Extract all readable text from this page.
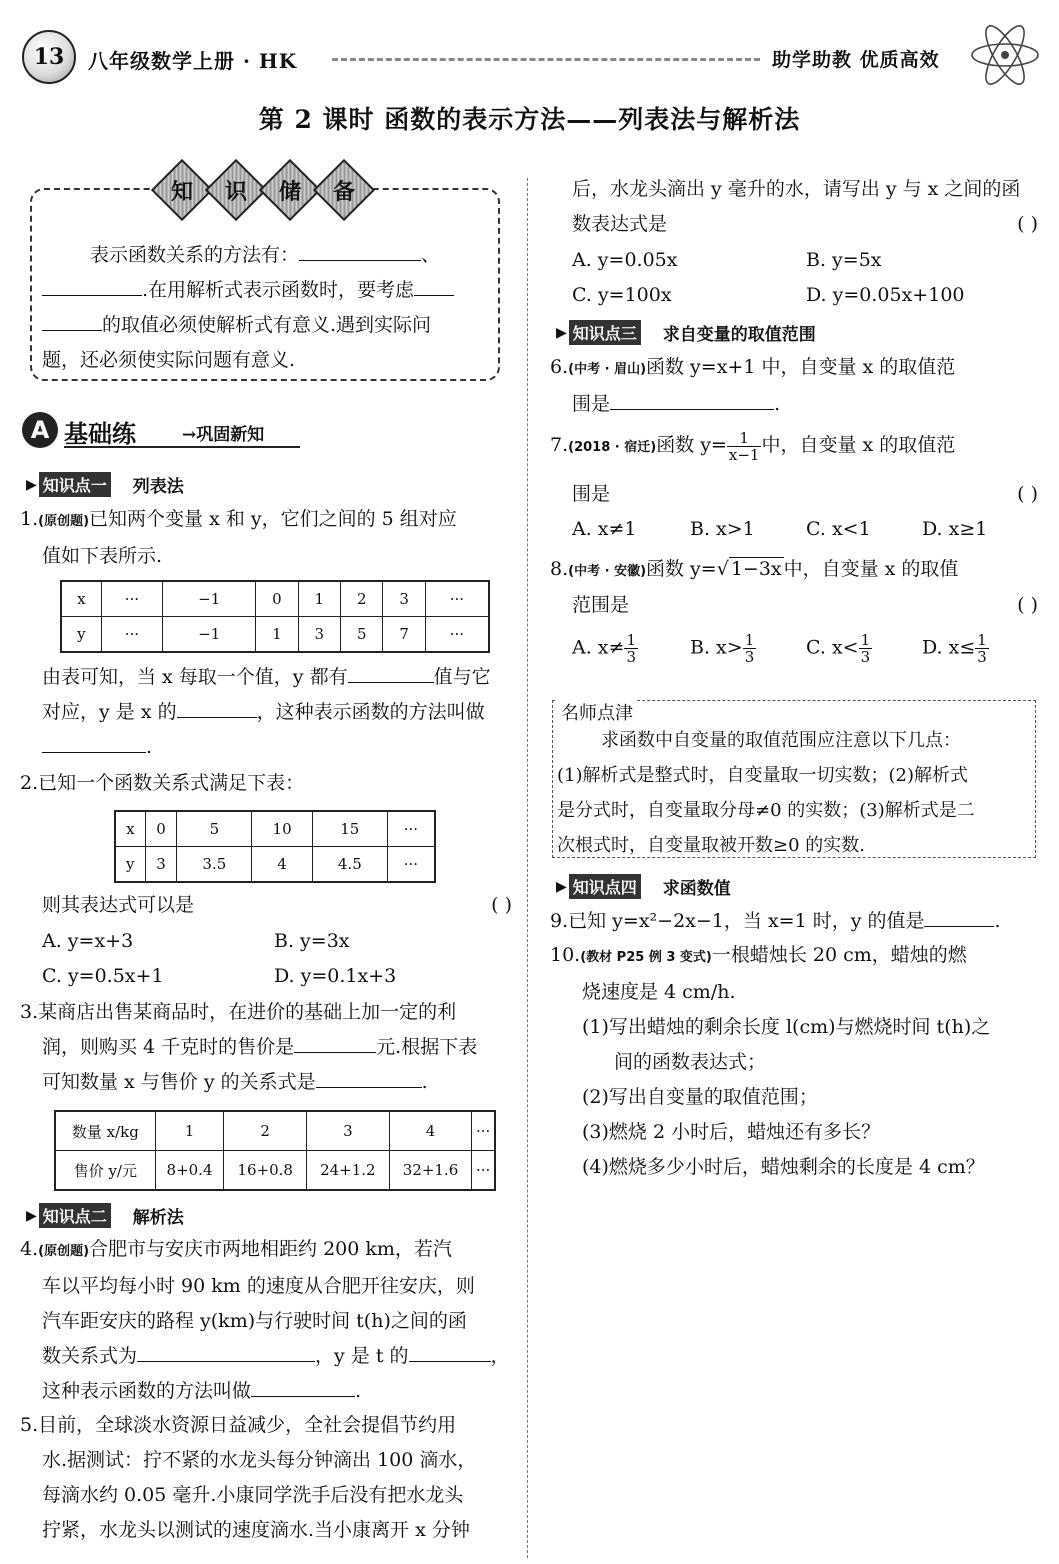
13	八年级数学上册 · HK	助学助教 优质高效
第 2 课时 函数的表示方法——列表法与解析法
知	识	储	备
表示函数关系的方法有：	、
.在用解析式表示函数时，要考虑
的取值必须使解析式有意义.遇到实际问
题，还必须使实际问题有意义.
A 基础练	→巩固新知
▶ 知识点一 列表法
1.(原创题)已知两个变量 x 和 y，它们之间的 5 组对应
值如下表所示.
x	···	−1	0	1	2	3	···
y	···	−1	1	3	5	7	···
由表可知，当 x 每取一个值，y 都有	值与它
对应，y 是 x 的	，这种表示函数的方法叫做
.
2.已知一个函数关系式满足下表：
x	0	5	10	15	···
y	3	3.5	4	4.5	···
则其表达式可以是	( )
A. y=x+3	B. y=3x
C. y=0.5x+1	D. y=0.1x+3
3.某商店出售某商品时，在进价的基础上加一定的利
润，则购买 4 千克时的售价是	元.根据下表
可知数量 x 与售价 y 的关系式是	.
数量 x/kg	1	2	3	4	···
售价 y/元	8+0.4	16+0.8	24+1.2	32+1.6	···
▶ 知识点二 解析法
4.(原创题)合肥市与安庆市两地相距约 200 km，若汽
车以平均每小时 90 km 的速度从合肥开往安庆，则
汽车距安庆的路程 y(km)与行驶时间 t(h)之间的函
数关系式为	，y 是 t 的	，
这种表示函数的方法叫做	.
5.目前，全球淡水资源日益减少，全社会提倡节约用
水.据测试：拧不紧的水龙头每分钟滴出 100 滴水，
每滴水约 0.05 毫升.小康同学洗手后没有把水龙头
拧紧，水龙头以测试的速度滴水.当小康离开 x 分钟
后，水龙头滴出 y 毫升的水，请写出 y 与 x 之间的函
数表达式是	( )
A. y=0.05x	B. y=5x
C. y=100x	D. y=0.05x+100
▶ 知识点三 求自变量的取值范围
6.(中考 · 眉山)函数 y=x+1 中，自变量 x 的取值范
围是	.
7.(2018 · 宿迁)函数 $y= \frac{1}{x-1}$ 中，自变量 x 的取值范
围是	( )
A. x≠1	B. x>1	C. x<1	D. x≥1
8.(中考 · 安徽)函数 y=√ 1−3x 中，自变量 x 的取值
范围是	( )
A. $x\ne \frac{1}{3}$	B. $x> \frac{1}{3}$	C. $x< \frac{1}{3}$	D. $x\le \frac{1}{3}$
名师点津
求函数中自变量的取值范围应注意以下几点：
(1)解析式是整式时，自变量取一切实数；(2)解析式
是分式时，自变量取分母≠0 的实数；(3)解析式是二
次根式时，自变量取被开数≥0 的实数.
▶ 知识点四 求函数值
9.已知 y=x²−2x−1，当 x=1 时，y 的值是	.
10.(教材 P25 例 3 变式)一根蜡烛长 20 cm，蜡烛的燃
烧速度是 4 cm/h.
(1)写出蜡烛的剩余长度 l(cm)与燃烧时间 t(h)之
间的函数表达式；
(2)写出自变量的取值范围；
(3)燃烧 2 小时后，蜡烛还有多长？
(4)燃烧多少小时后，蜡烛剩余的长度是 4 cm？
